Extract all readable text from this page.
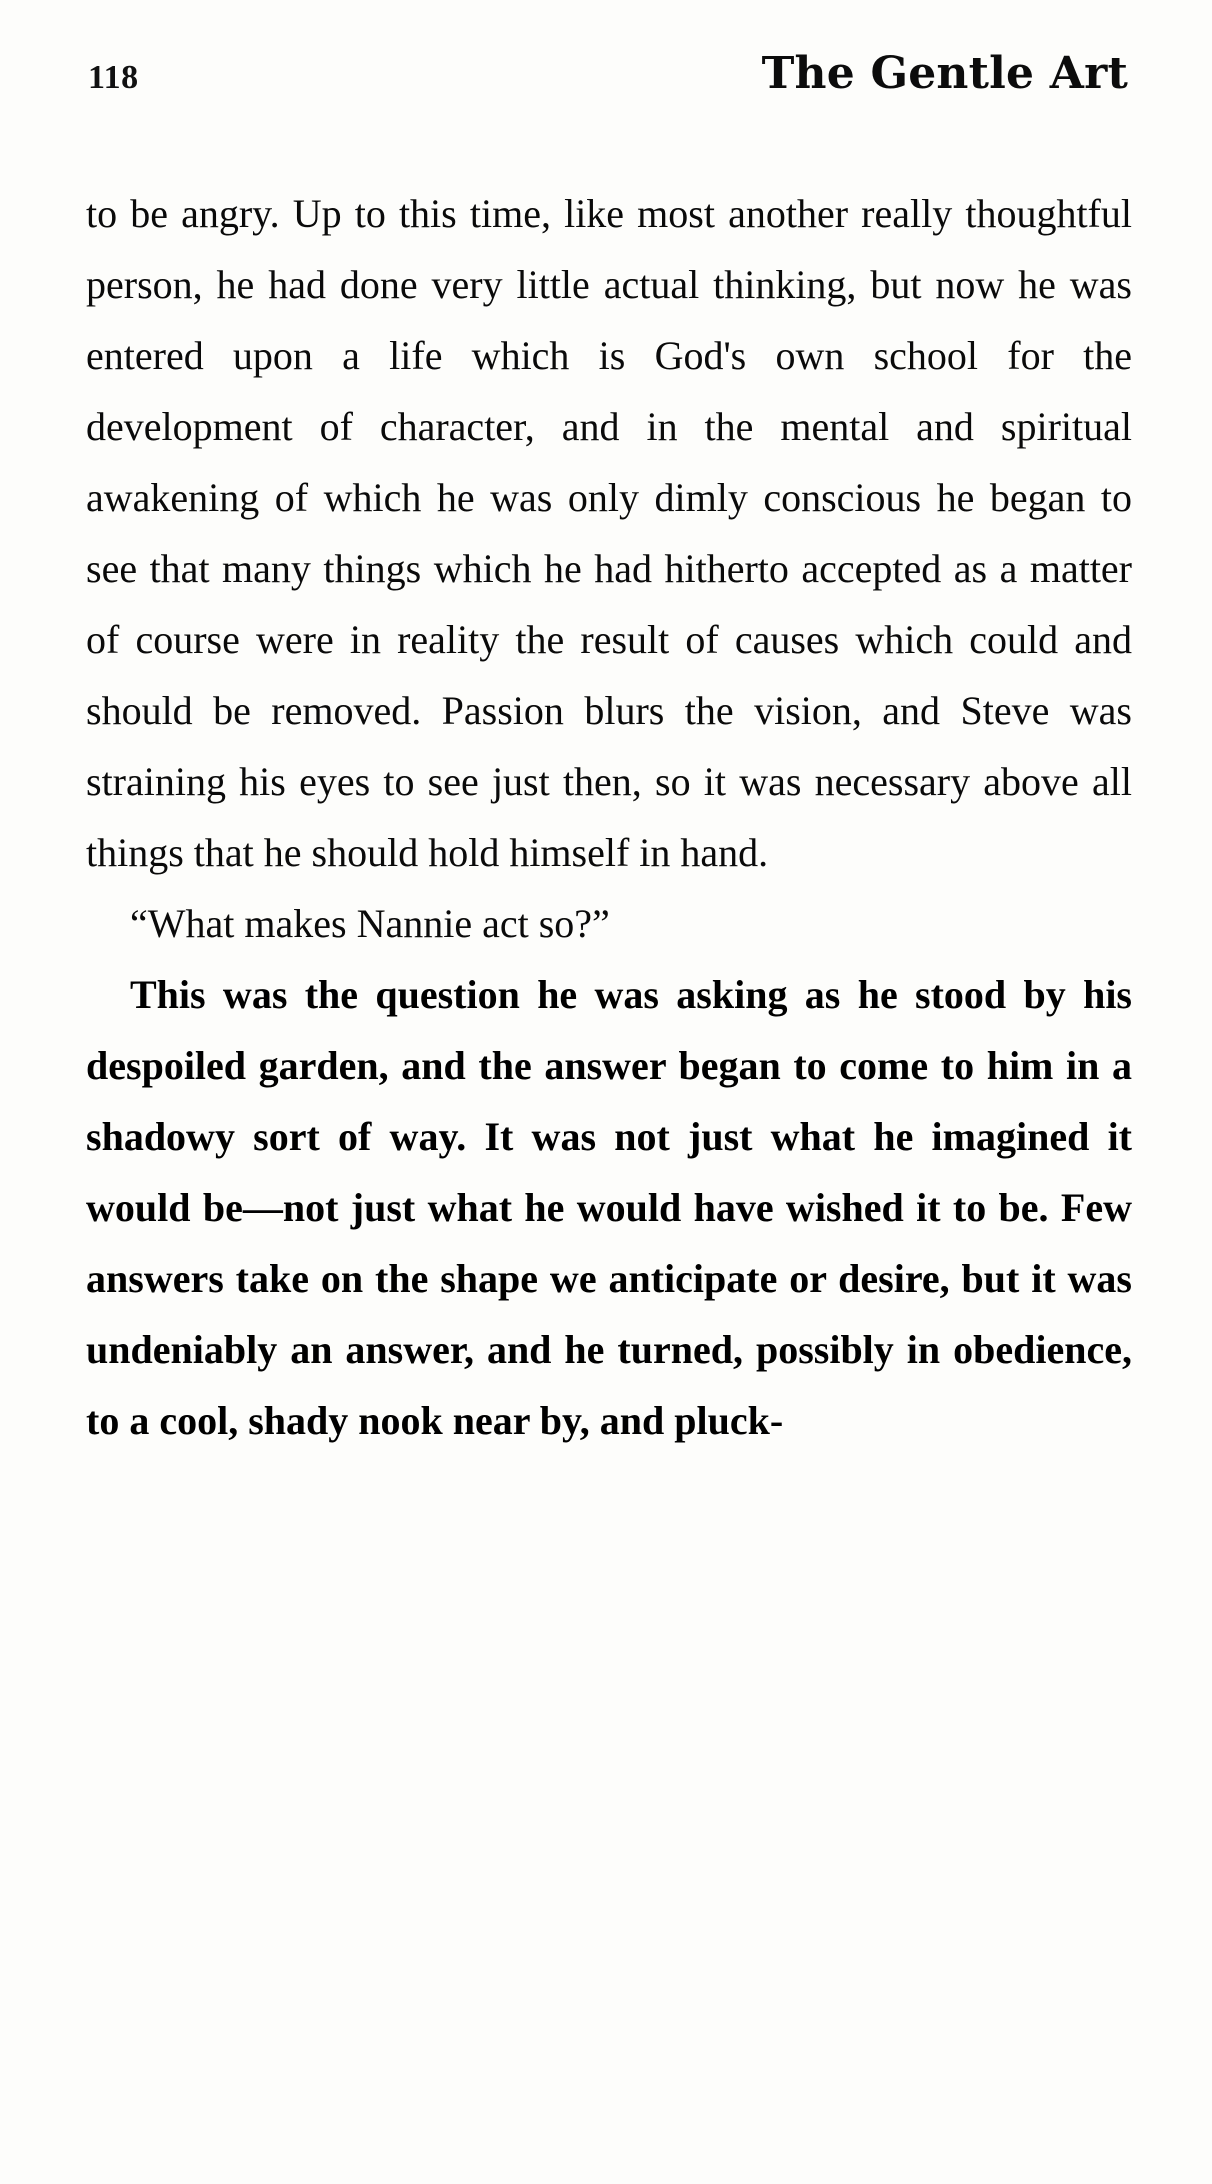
118	The Gentle Art

to be angry. Up to this time, like most another really thoughtful person, he had done very little actual thinking, but now he was entered upon a life which is God's own school for the development of character, and in the mental and spiritual awakening of which he was only dimly conscious he began to see that many things which he had hitherto accepted as a matter of course were in reality the result of causes which could and should be removed. Passion blurs the vision, and Steve was straining his eyes to see just then, so it was necessary above all things that he should hold himself in hand.

“What makes Nannie act so?”

This was the question he was asking as he stood by his despoiled garden, and the answer began to come to him in a shadowy sort of way. It was not just what he imagined it would be—not just what he would have wished it to be. Few answers take on the shape we anticipate or desire, but it was undeniably an answer, and he turned, possibly in obedience, to a cool, shady nook near by, and pluck-
